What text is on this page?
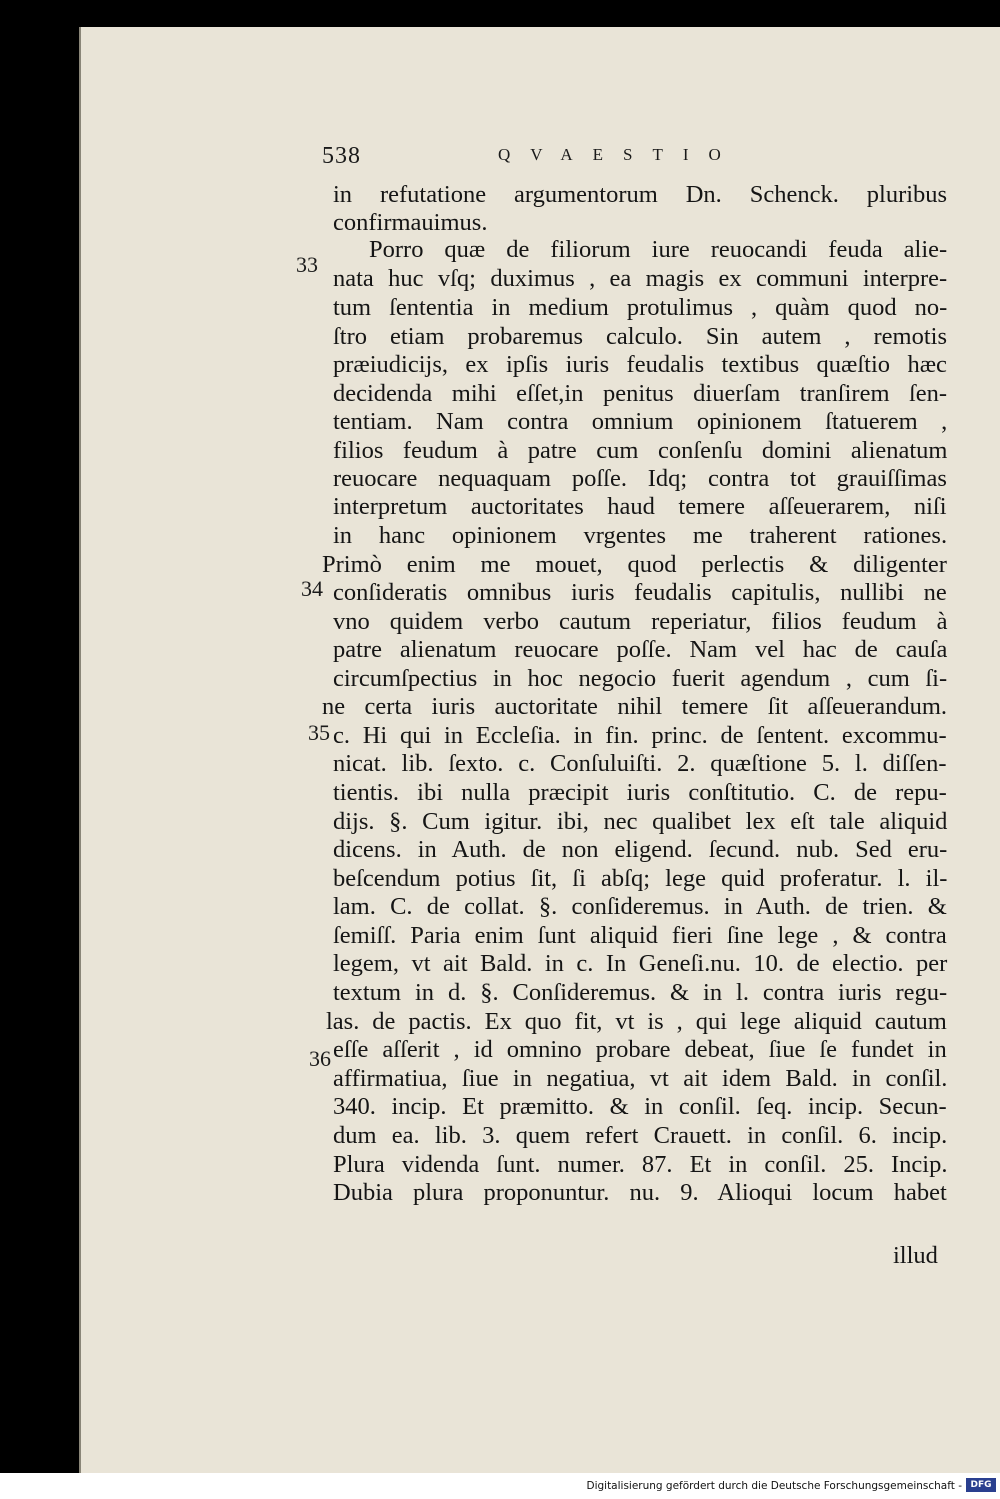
538	QVAESTIO
33
34
35
36
in refutatione argumentorum Dn. Schenck. pluribus
confirmauimus.
Porro quæ de filiorum iure reuocandi feuda alie-
nata huc vſq; duximus , ea magis ex communi interpre-
tum ſententia in medium protulimus , quàm quod no-
ſtro etiam probaremus calculo. Sin autem , remotis
præiudicijs, ex ipſis iuris feudalis textibus quæſtio hæc
decidenda mihi eſſet,in penitus diuerſam tranſirem ſen-
tentiam. Nam contra omnium opinionem ſtatuerem ,
filios feudum à patre cum conſenſu domini alienatum
reuocare nequaquam poſſe. Idq; contra tot grauiſſimas
interpretum auctoritates haud temere aſſeuerarem, niſi
in hanc opinionem vrgentes me traherent rationes.
Primò enim me mouet, quod perlectis & diligenter
conſideratis omnibus iuris feudalis capitulis, nullibi ne
vno quidem verbo cautum reperiatur, filios feudum à
patre alienatum reuocare poſſe. Nam vel hac de cauſa
circumſpectius in hoc negocio fuerit agendum , cum ſi-
ne certa iuris auctoritate nihil temere ſit aſſeuerandum.
c. Hi qui in Eccleſia. in fin. princ. de ſentent. excommu-
nicat. lib. ſexto. c. Conſuluiſti. 2. quæſtione 5. l. diſſen-
tientis. ibi nulla præcipit iuris conſtitutio. C. de repu-
dijs. §. Cum igitur. ibi, nec qualibet lex eſt tale aliquid
dicens. in Auth. de non eligend. ſecund. nub. Sed eru-
beſcendum potius ſit, ſi abſq; lege quid proferatur. l. il-
lam. C. de collat. §. conſideremus. in Auth. de trien. &
ſemiſſ. Paria enim ſunt aliquid fieri ſine lege , & contra
legem, vt ait Bald. in c. In Geneſi.nu. 10. de electio. per
textum in d. §. Conſideremus. & in l. contra iuris regu-
las. de pactis. Ex quo fit, vt is , qui lege aliquid cautum
eſſe aſſerit , id omnino probare debeat, ſiue ſe fundet in
affirmatiua, ſiue in negatiua, vt ait idem Bald. in conſil.
340. incip. Et præmitto. & in conſil. ſeq. incip. Secun-
dum ea. lib. 3. quem refert Crauett. in conſil. 6. incip.
Plura videnda ſunt. numer. 87. Et in conſil. 25. Incip.
Dubia plura proponuntur. nu. 9. Alioqui locum habet
illud
Digitalisierung gefördert durch die Deutsche Forschungsgemeinschaft - DFG
